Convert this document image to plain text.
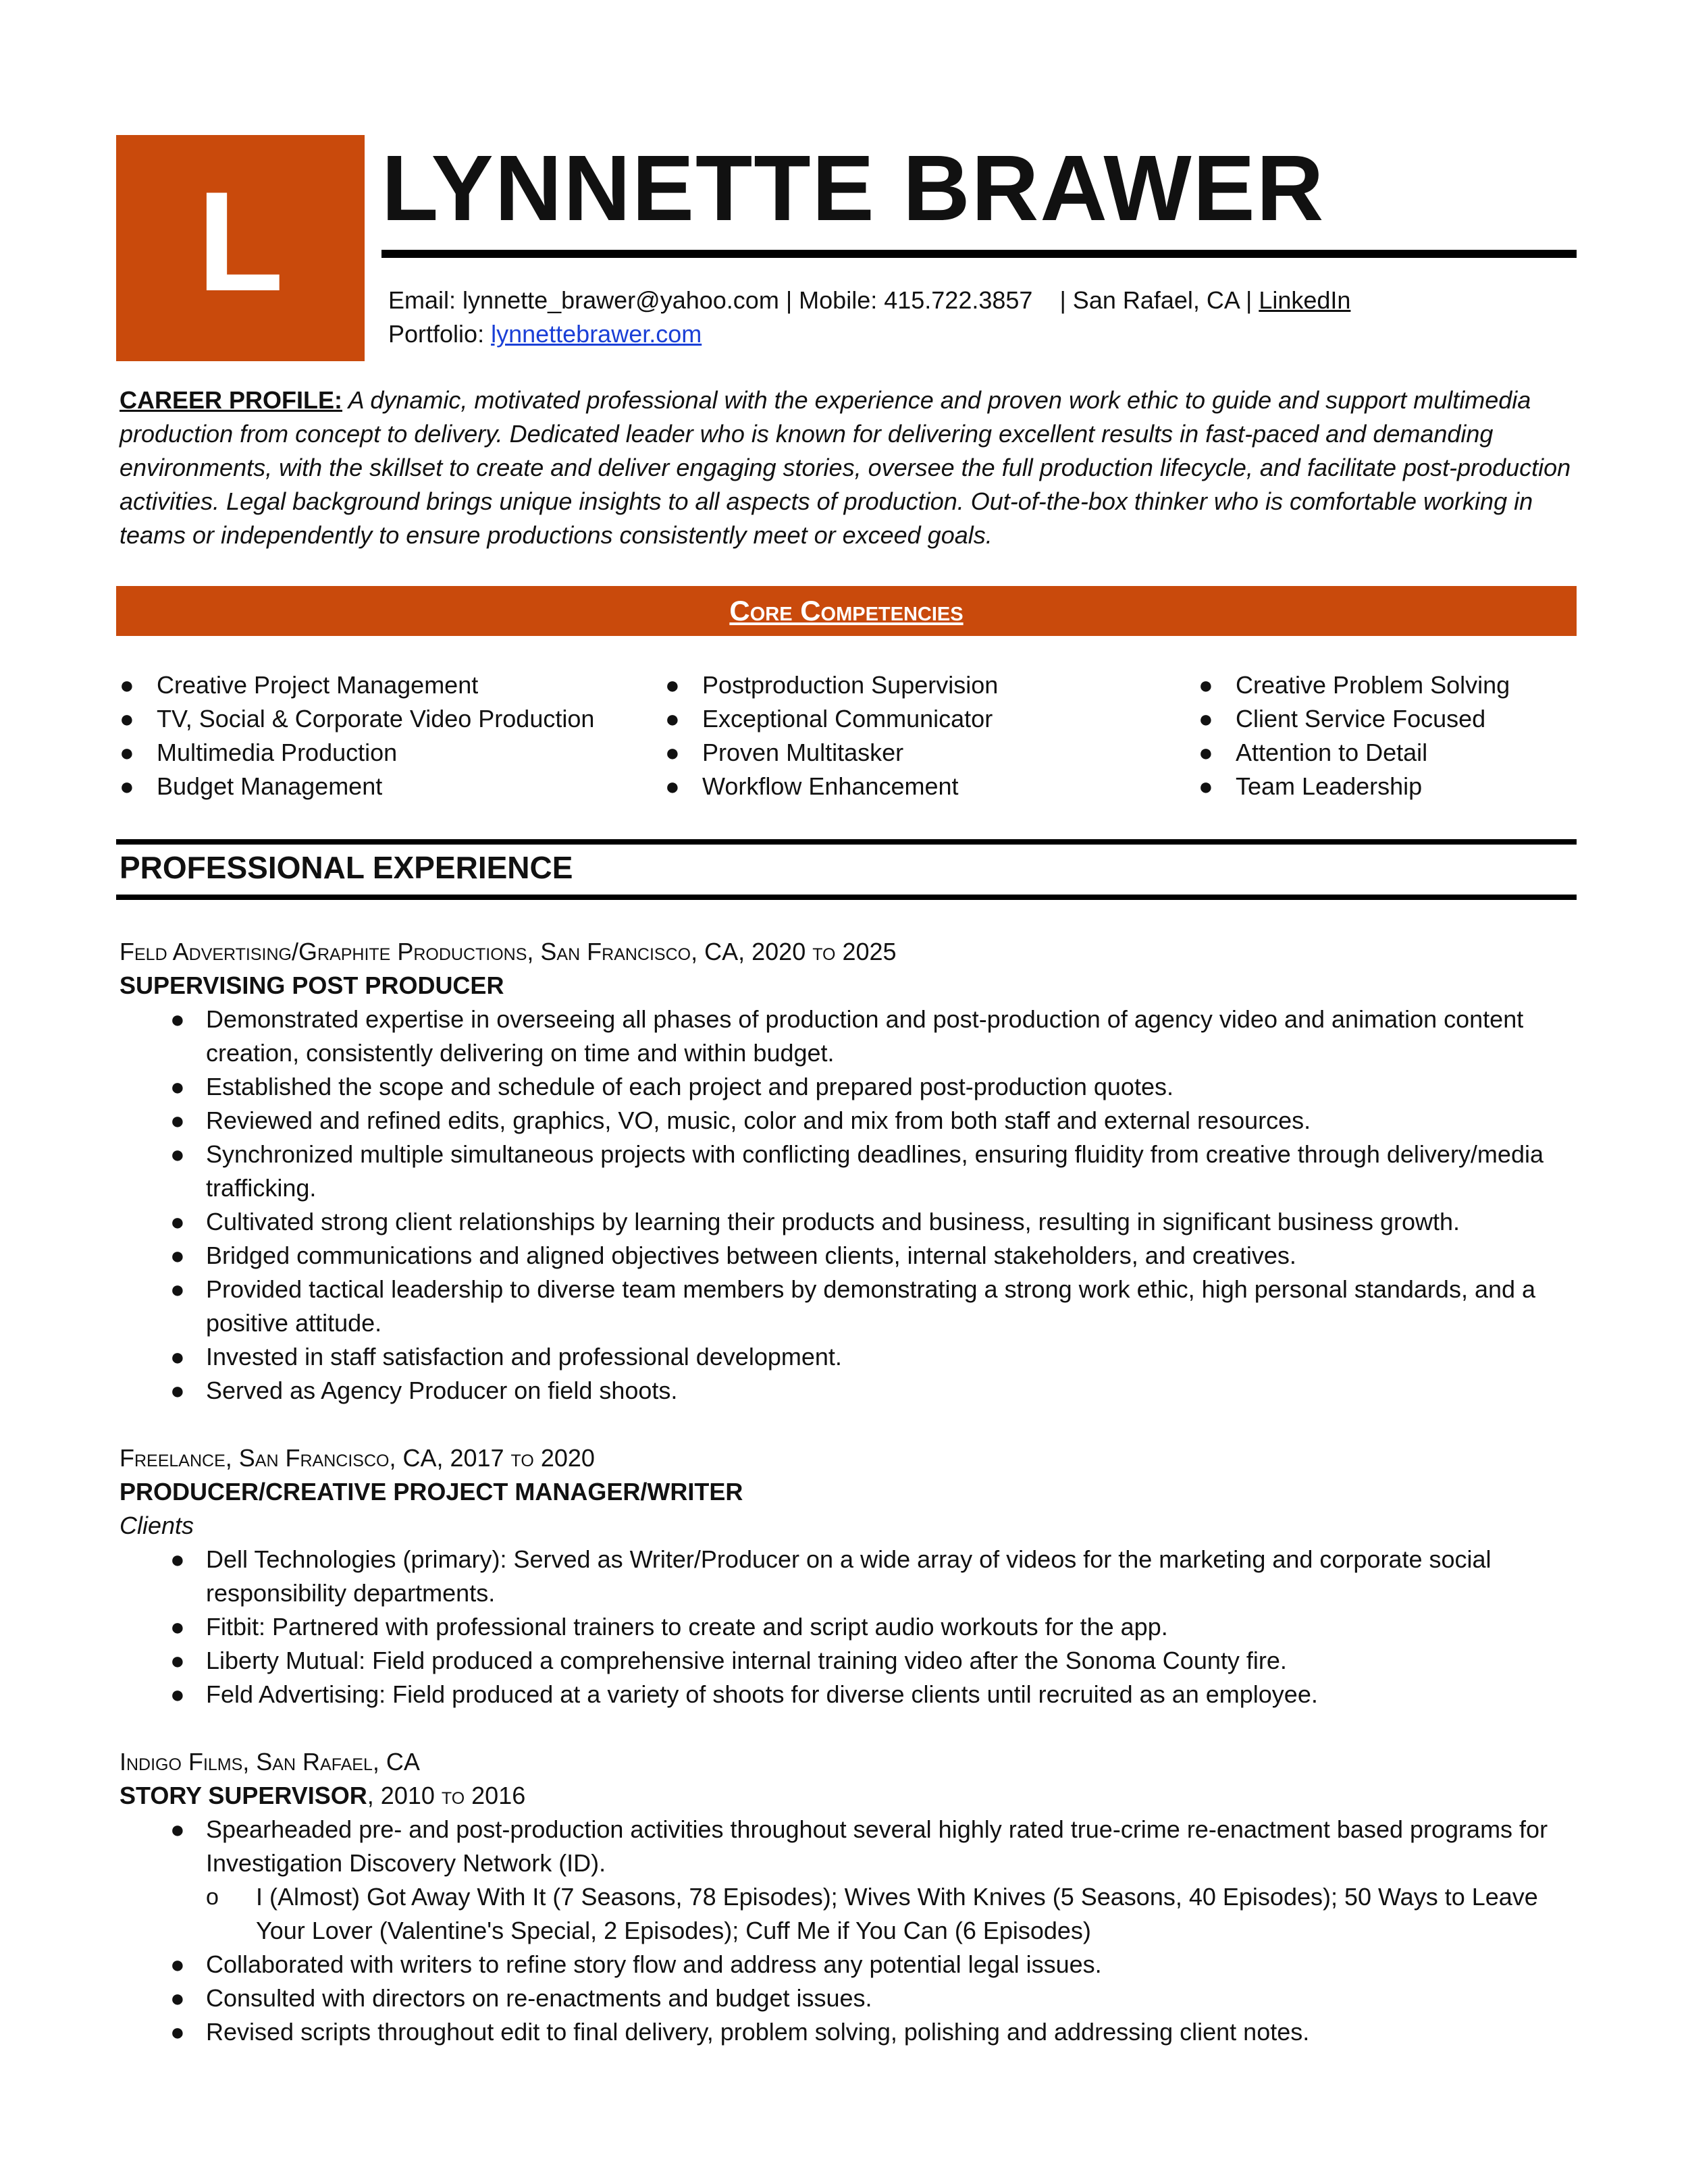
L LYNNETTE BRAWER
Email: lynnette_brawer@yahoo.com | Mobile: 415.722.3857    | San Rafael, CA | LinkedIn
Portfolio: lynnettebrawer.com
CAREER PROFILE: A dynamic, motivated professional with the experience and proven work ethic to guide and support multimedia production from concept to delivery. Dedicated leader who is known for delivering excellent results in fast-paced and demanding environments, with the skillset to create and deliver engaging stories, oversee the full production lifecycle, and facilitate post-production activities. Legal background brings unique insights to all aspects of production. Out-of-the-box thinker who is comfortable working in teams or independently to ensure productions consistently meet or exceed goals.
Core Competencies
● Creative Project Management
● TV, Social & Corporate Video Production
● Multimedia Production
● Budget Management
● Postproduction Supervision
● Exceptional Communicator
● Proven Multitasker
● Workflow Enhancement
● Creative Problem Solving
● Client Service Focused
● Attention to Detail
● Team Leadership
PROFESSIONAL EXPERIENCE
Feld Advertising/Graphite Productions, San Francisco, CA, 2020 to 2025
SUPERVISING POST PRODUCER
● Demonstrated expertise in overseeing all phases of production and post-production of agency video and animation content creation, consistently delivering on time and within budget.
● Established the scope and schedule of each project and prepared post-production quotes.
● Reviewed and refined edits, graphics, VO, music, color and mix from both staff and external resources.
● Synchronized multiple simultaneous projects with conflicting deadlines, ensuring fluidity from creative through delivery/media trafficking.
● Cultivated strong client relationships by learning their products and business, resulting in significant business growth.
● Bridged communications and aligned objectives between clients, internal stakeholders, and creatives.
● Provided tactical leadership to diverse team members by demonstrating a strong work ethic, high personal standards, and a positive attitude.
● Invested in staff satisfaction and professional development.
● Served as Agency Producer on field shoots.
Freelance, San Francisco, CA, 2017 to 2020
PRODUCER/CREATIVE PROJECT MANAGER/WRITER
Clients
● Dell Technologies (primary): Served as Writer/Producer on a wide array of videos for the marketing and corporate social responsibility departments.
● Fitbit: Partnered with professional trainers to create and script audio workouts for the app.
● Liberty Mutual: Field produced a comprehensive internal training video after the Sonoma County fire.
● Feld Advertising: Field produced at a variety of shoots for diverse clients until recruited as an employee.
Indigo Films, San Rafael, CA
STORY SUPERVISOR, 2010 to 2016
● Spearheaded pre- and post-production activities throughout several highly rated true-crime re-enactment based programs for Investigation Discovery Network (ID).
o I (Almost) Got Away With It (7 Seasons, 78 Episodes); Wives With Knives (5 Seasons, 40 Episodes); 50 Ways to Leave Your Lover (Valentine's Special, 2 Episodes); Cuff Me if You Can (6 Episodes)
● Collaborated with writers to refine story flow and address any potential legal issues.
● Consulted with directors on re-enactments and budget issues.
● Revised scripts throughout edit to final delivery, problem solving, polishing and addressing client notes.
